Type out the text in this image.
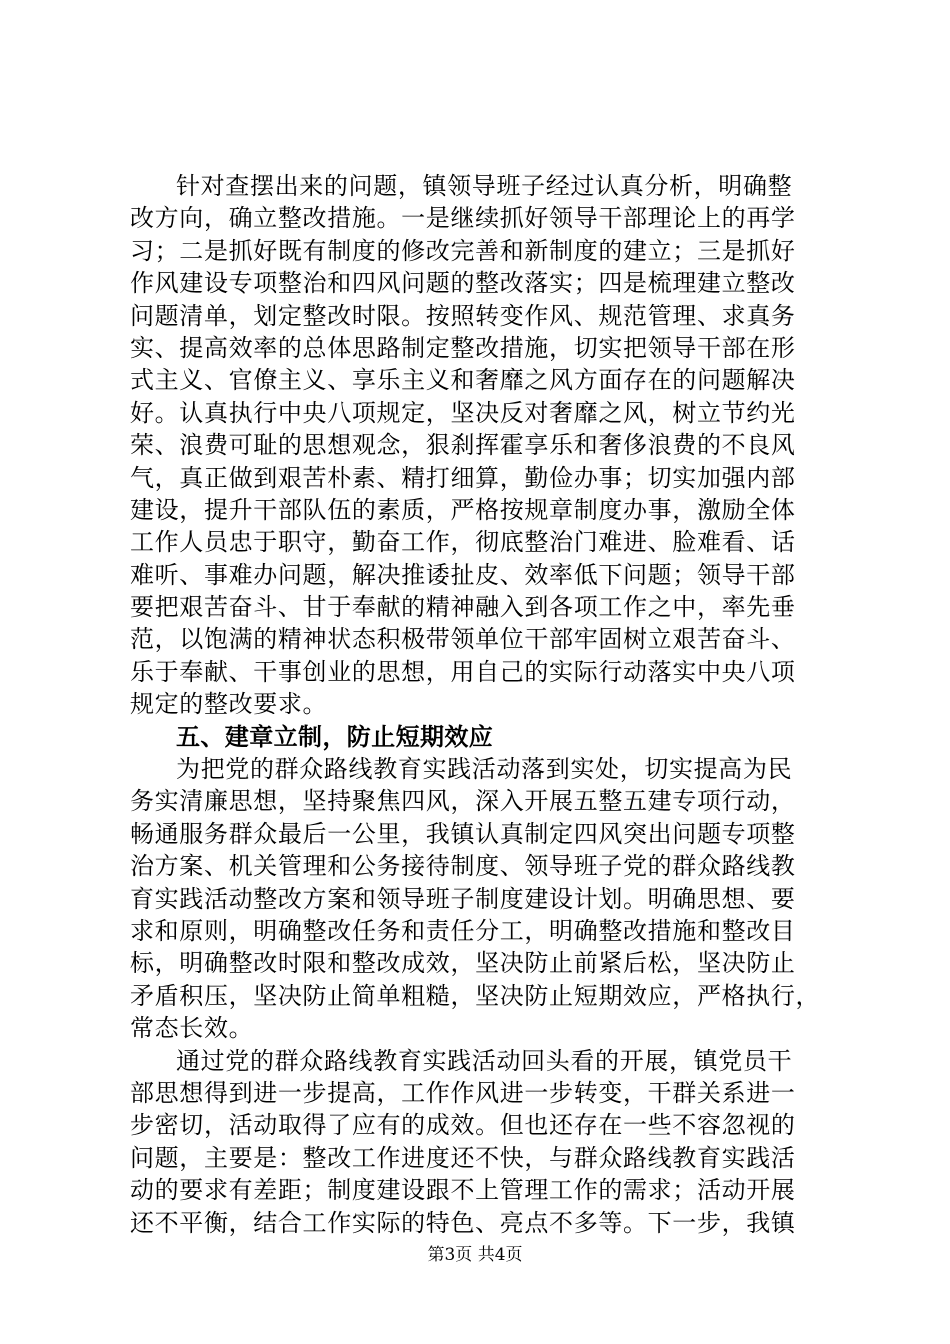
针对查摆出来的问题，镇领导班子经过认真分析，明确整
改方向，确立整改措施。一是继续抓好领导干部理论上的再学
习；二是抓好既有制度的修改完善和新制度的建立；三是抓好
作风建设专项整治和四风问题的整改落实；四是梳理建立整改
问题清单，划定整改时限。按照转变作风、规范管理、求真务
实、提高效率的总体思路制定整改措施，切实把领导干部在形
式主义、官僚主义、享乐主义和奢靡之风方面存在的问题解决
好。认真执行中央八项规定，坚决反对奢靡之风，树立节约光
荣、浪费可耻的思想观念，狠刹挥霍享乐和奢侈浪费的不良风
气，真正做到艰苦朴素、精打细算，勤俭办事；切实加强内部
建设，提升干部队伍的素质，严格按规章制度办事，激励全体
工作人员忠于职守，勤奋工作，彻底整治门难进、脸难看、话
难听、事难办问题，解决推诿扯皮、效率低下问题；领导干部
要把艰苦奋斗、甘于奉献的精神融入到各项工作之中，率先垂
范，以饱满的精神状态积极带领单位干部牢固树立艰苦奋斗、
乐于奉献、干事创业的思想，用自己的实际行动落实中央八项
规定的整改要求。
五、建章立制，防止短期效应
为把党的群众路线教育实践活动落到实处，切实提高为民
务实清廉思想，坚持聚焦四风，深入开展五整五建专项行动，
畅通服务群众最后一公里，我镇认真制定四风突出问题专项整
治方案、机关管理和公务接待制度、领导班子党的群众路线教
育实践活动整改方案和领导班子制度建设计划。明确思想、要
求和原则，明确整改任务和责任分工，明确整改措施和整改目
标，明确整改时限和整改成效，坚决防止前紧后松，坚决防止
矛盾积压，坚决防止简单粗糙，坚决防止短期效应，严格执行，
常态长效。
通过党的群众路线教育实践活动回头看的开展，镇党员干
部思想得到进一步提高，工作作风进一步转变，干群关系进一
步密切，活动取得了应有的成效。但也还存在一些不容忽视的
问题，主要是：整改工作进度还不快，与群众路线教育实践活
动的要求有差距；制度建设跟不上管理工作的需求；活动开展
还不平衡，结合工作实际的特色、亮点不多等。下一步，我镇
第3页 共4页
